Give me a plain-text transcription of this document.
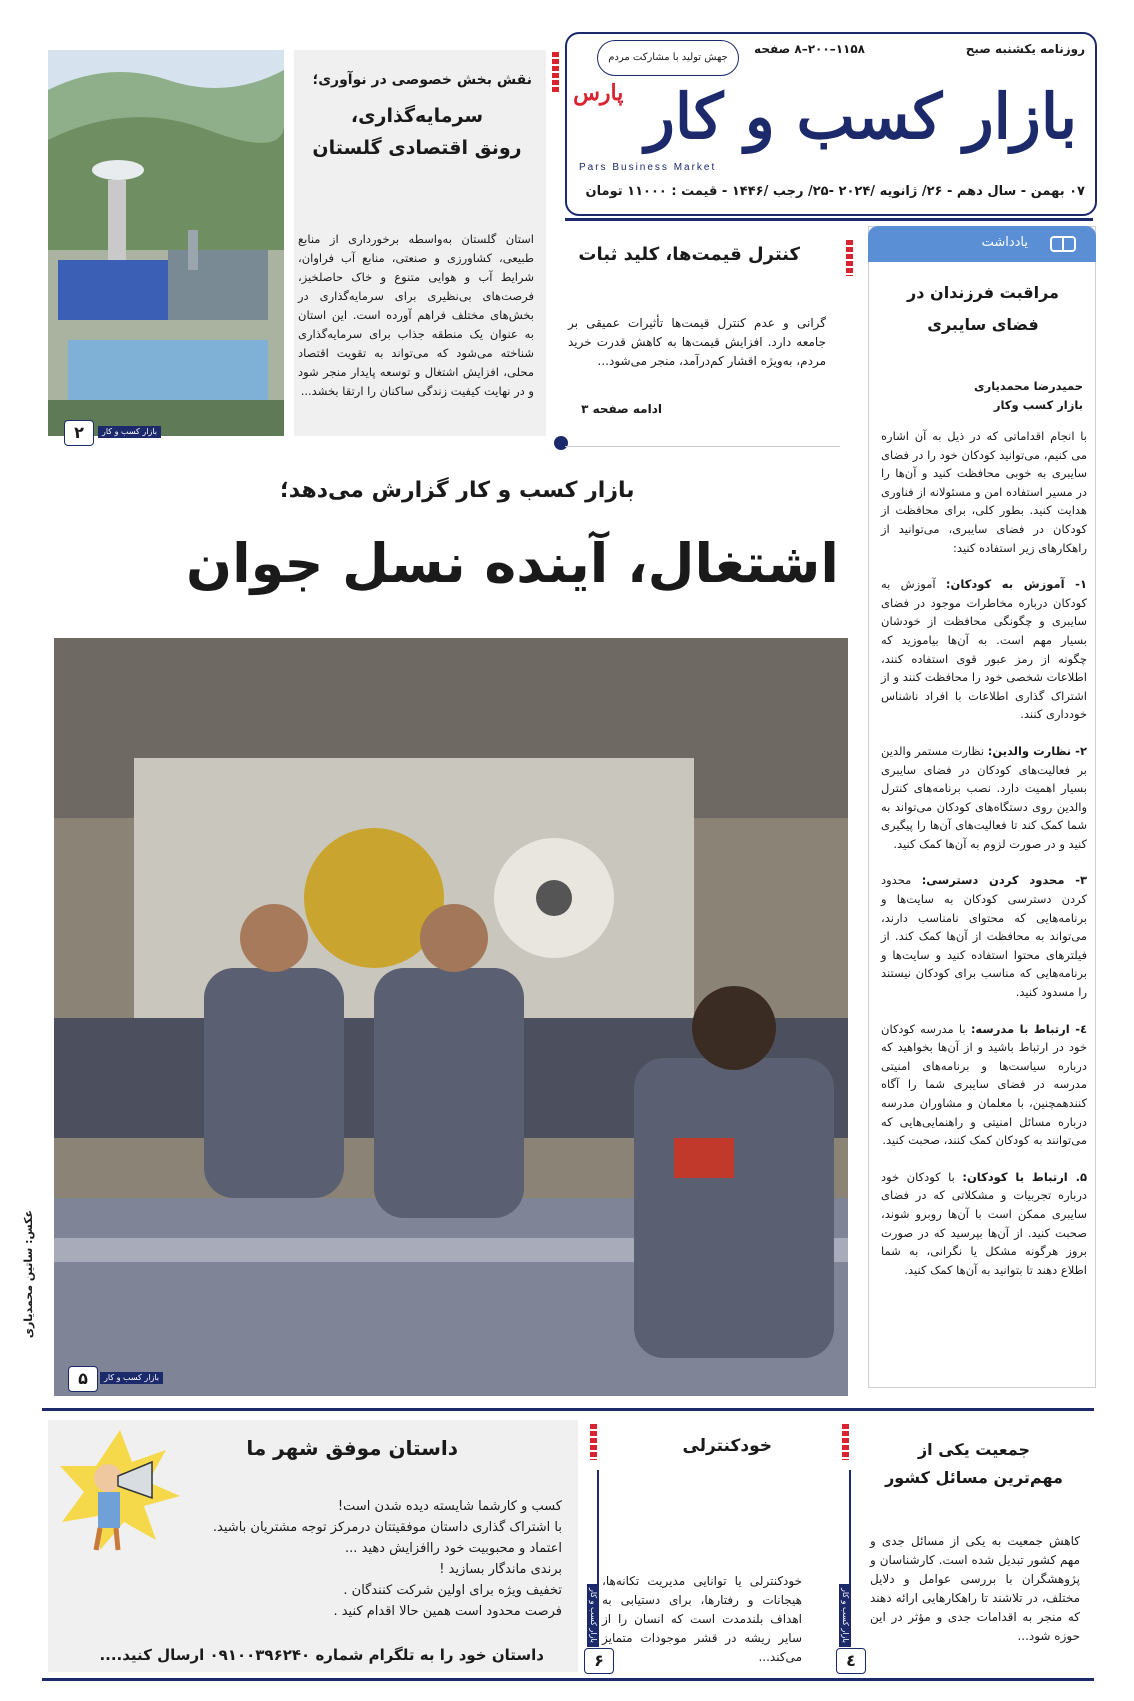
روزنامه یکشنبه صبح
۱۱۵۸–۲۰۰–۸ صفحه
جهش تولید با مشارکت مردم
بازار کسب و کار $^{پارس}$
Pars Business Market
۰۷ بهمن - سال دهم - ۲۶/ ژانویه /۲۰۲۴ -۲۵/ رجب /۱۴۴۶ - قیمت : ۱۱۰۰۰ تومان
نقش بخش خصوصی در نوآوری؛
سرمایه‌گذاری،
رونق اقتصادی گلستان
استان گلستان به‌واسطه برخورداری از منابع طبیعی، کشاورزی و صنعتی، منابع آب فراوان، شرایط آب و هوایی متنوع و خاک حاصلخیز، فرصت‌های بی‌نظیری برای سرمایه‌گذاری در بخش‌های مختلف فراهم آورده است. این استان به عنوان یک منطقه جذاب برای سرمایه‌گذاری شناخته می‌شود که می‌تواند به تقویت اقتصاد محلی، افزایش اشتغال و توسعه پایدار منجر شود و در نهایت کیفیت زندگی ساکنان را ارتقا بخشد...
۲	بازار کسب و کار
کنترل قیمت‌ها، کلید ثبات
گرانی و عدم کنترل قیمت‌ها تأثیرات عمیقی بر جامعه دارد. افزایش قیمت‌ها به کاهش قدرت خرید مردم، به‌ویژه اقشار کم‌درآمد، منجر می‌شود...
ادامه صفحه ۳
مراقبت فرزندان در فضای سایبری
حمیدرضا محمدیاری
بازار کسب وکار

با انجام اقداماتی که در ذیل به آن اشاره می کنیم، می‌توانید کودکان خود را در فضای سایبری به خوبی محافظت کنید و آن‌ها را در مسیر استفاده امن و مسئولانه از فناوری هدایت کنید. بطور کلی، برای محافظت از کودکان در فضای سایبری، می‌توانید از راهکارهای زیر استفاده کنید:

۱- آموزش به کودکان: آموزش به کودکان درباره مخاطرات موجود در فضای سایبری و چگونگی محافظت از خودشان بسیار مهم است. به آن‌ها بیاموزید که چگونه از رمز عبور قوی استفاده کنند، اطلاعات شخصی خود را محافظت کنند و از اشتراک گذاری اطلاعات با افراد ناشناس خودداری کنند.

۲- نظارت والدین: نظارت مستمر والدین بر فعالیت‌های کودکان در فضای سایبری بسیار اهمیت دارد. نصب برنامه‌های کنترل والدین روی دستگاه‌های کودکان می‌تواند به شما کمک کند تا فعالیت‌های آن‌ها را پیگیری کنید و در صورت لزوم به آن‌ها کمک کنید.

۳- محدود کردن دسترسی: محدود کردن دسترسی کودکان به سایت‌ها و برنامه‌هایی که محتوای نامناسب دارند، می‌تواند به محافظت از آن‌ها کمک کند. از فیلترهای محتوا استفاده کنید و سایت‌ها و برنامه‌هایی که مناسب برای کودکان نیستند را مسدود کنید.

٤- ارتباط با مدرسه: با مدرسه کودکان خود در ارتباط باشید و از آن‌ها بخواهید که درباره سیاست‌ها و برنامه‌های امنیتی مدرسه در فضای سایبری شما را آگاه کنندهمچنین، با معلمان و مشاوران مدرسه درباره مسائل امنیتی و راهنمایی‌هایی که می‌توانند به کودکان کمک کنند، صحبت کنید.

۵. ارتباط با کودکان: با کودکان خود درباره تجربیات و مشکلاتی که در فضای سایبری ممکن است با آن‌ها روبرو شوند، صحبت کنید. از آن‌ها بپرسید که در صورت بروز هرگونه مشکل یا نگرانی، به شما اطلاع دهند تا بتوانید به آن‌ها کمک کنید.

یادداشت
بازار کسب و کار گزارش می‌دهد؛
اشتغال، آینده نسل جوان
عکس: ساتین محمدیاری
۵	بازار کسب و کار
داستان موفق شهر ما
کسب و کارشما شایسته دیده شدن است!
با اشتراک گذاری داستان موفقیتتان درمرکز توجه مشتریان باشید.
اعتماد و محبوبیت خود راافزایش دهید ...
برندی ماندگار بسازید !
تخفیف ویژه برای اولین شرکت کنندگان .
فرصت محدود است همین حالا اقدام کنید .
داستان خود را به تلگرام شماره ۰۹۱۰۰۳۹۶۲۴۰ ارسال کنید....
خودکنترلی
خودکنترلی یا توانایی مدیریت تکانه‌ها، هیجانات و رفتارها، برای دستیابی به اهداف بلندمدت است که انسان را از سایر ریشه در قشر موجودات متمایز می‌کند...
۶
بازار کسب و کار
جمعیت یکی از مهم‌ترین مسائل کشور
کاهش جمعیت به یکی از مسائل جدی و مهم کشور تبدیل شده است. کارشناسان و پژوهشگران با بررسی عوامل و دلایل مختلف، در تلاشند تا راهکارهایی ارائه دهند که منجر به اقدامات جدی و مؤثر در این حوزه شود...
٤
بازار کسب و کار
